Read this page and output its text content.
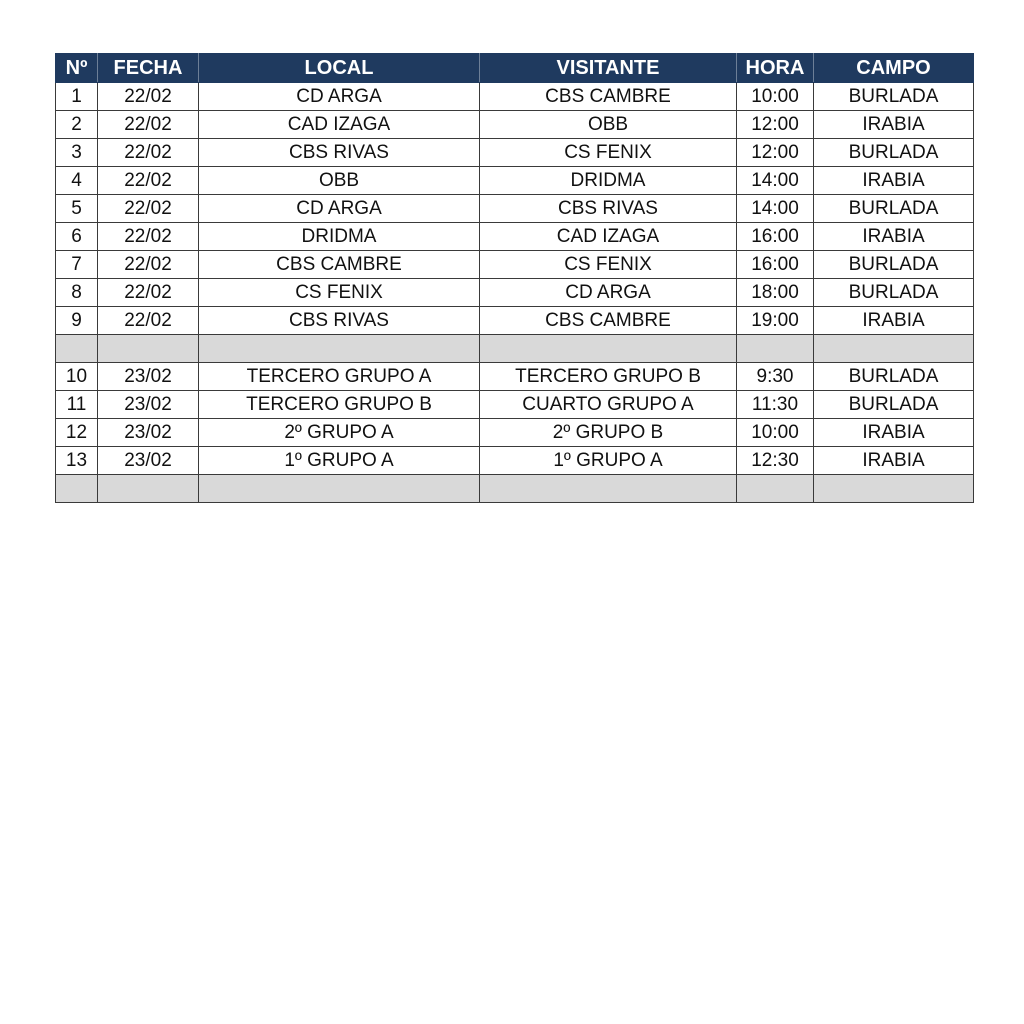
Nº	FECHA	LOCAL	VISITANTE	HORA	CAMPO
1	22/02	CD ARGA	CBS CAMBRE	10:00	BURLADA
2	22/02	CAD IZAGA	OBB	12:00	IRABIA
3	22/02	CBS RIVAS	CS FENIX	12:00	BURLADA
4	22/02	OBB	DRIDMA	14:00	IRABIA
5	22/02	CD ARGA	CBS RIVAS	14:00	BURLADA
6	22/02	DRIDMA	CAD IZAGA	16:00	IRABIA
7	22/02	CBS CAMBRE	CS FENIX	16:00	BURLADA
8	22/02	CS FENIX	CD ARGA	18:00	BURLADA
9	22/02	CBS RIVAS	CBS CAMBRE	19:00	IRABIA

10	23/02	TERCERO GRUPO A	TERCERO GRUPO B	9:30	BURLADA
11	23/02	TERCERO GRUPO B	CUARTO GRUPO A	11:30	BURLADA
12	23/02	2º GRUPO A	2º GRUPO B	10:00	IRABIA
13	23/02	1º GRUPO A	1º GRUPO A	12:30	IRABIA
